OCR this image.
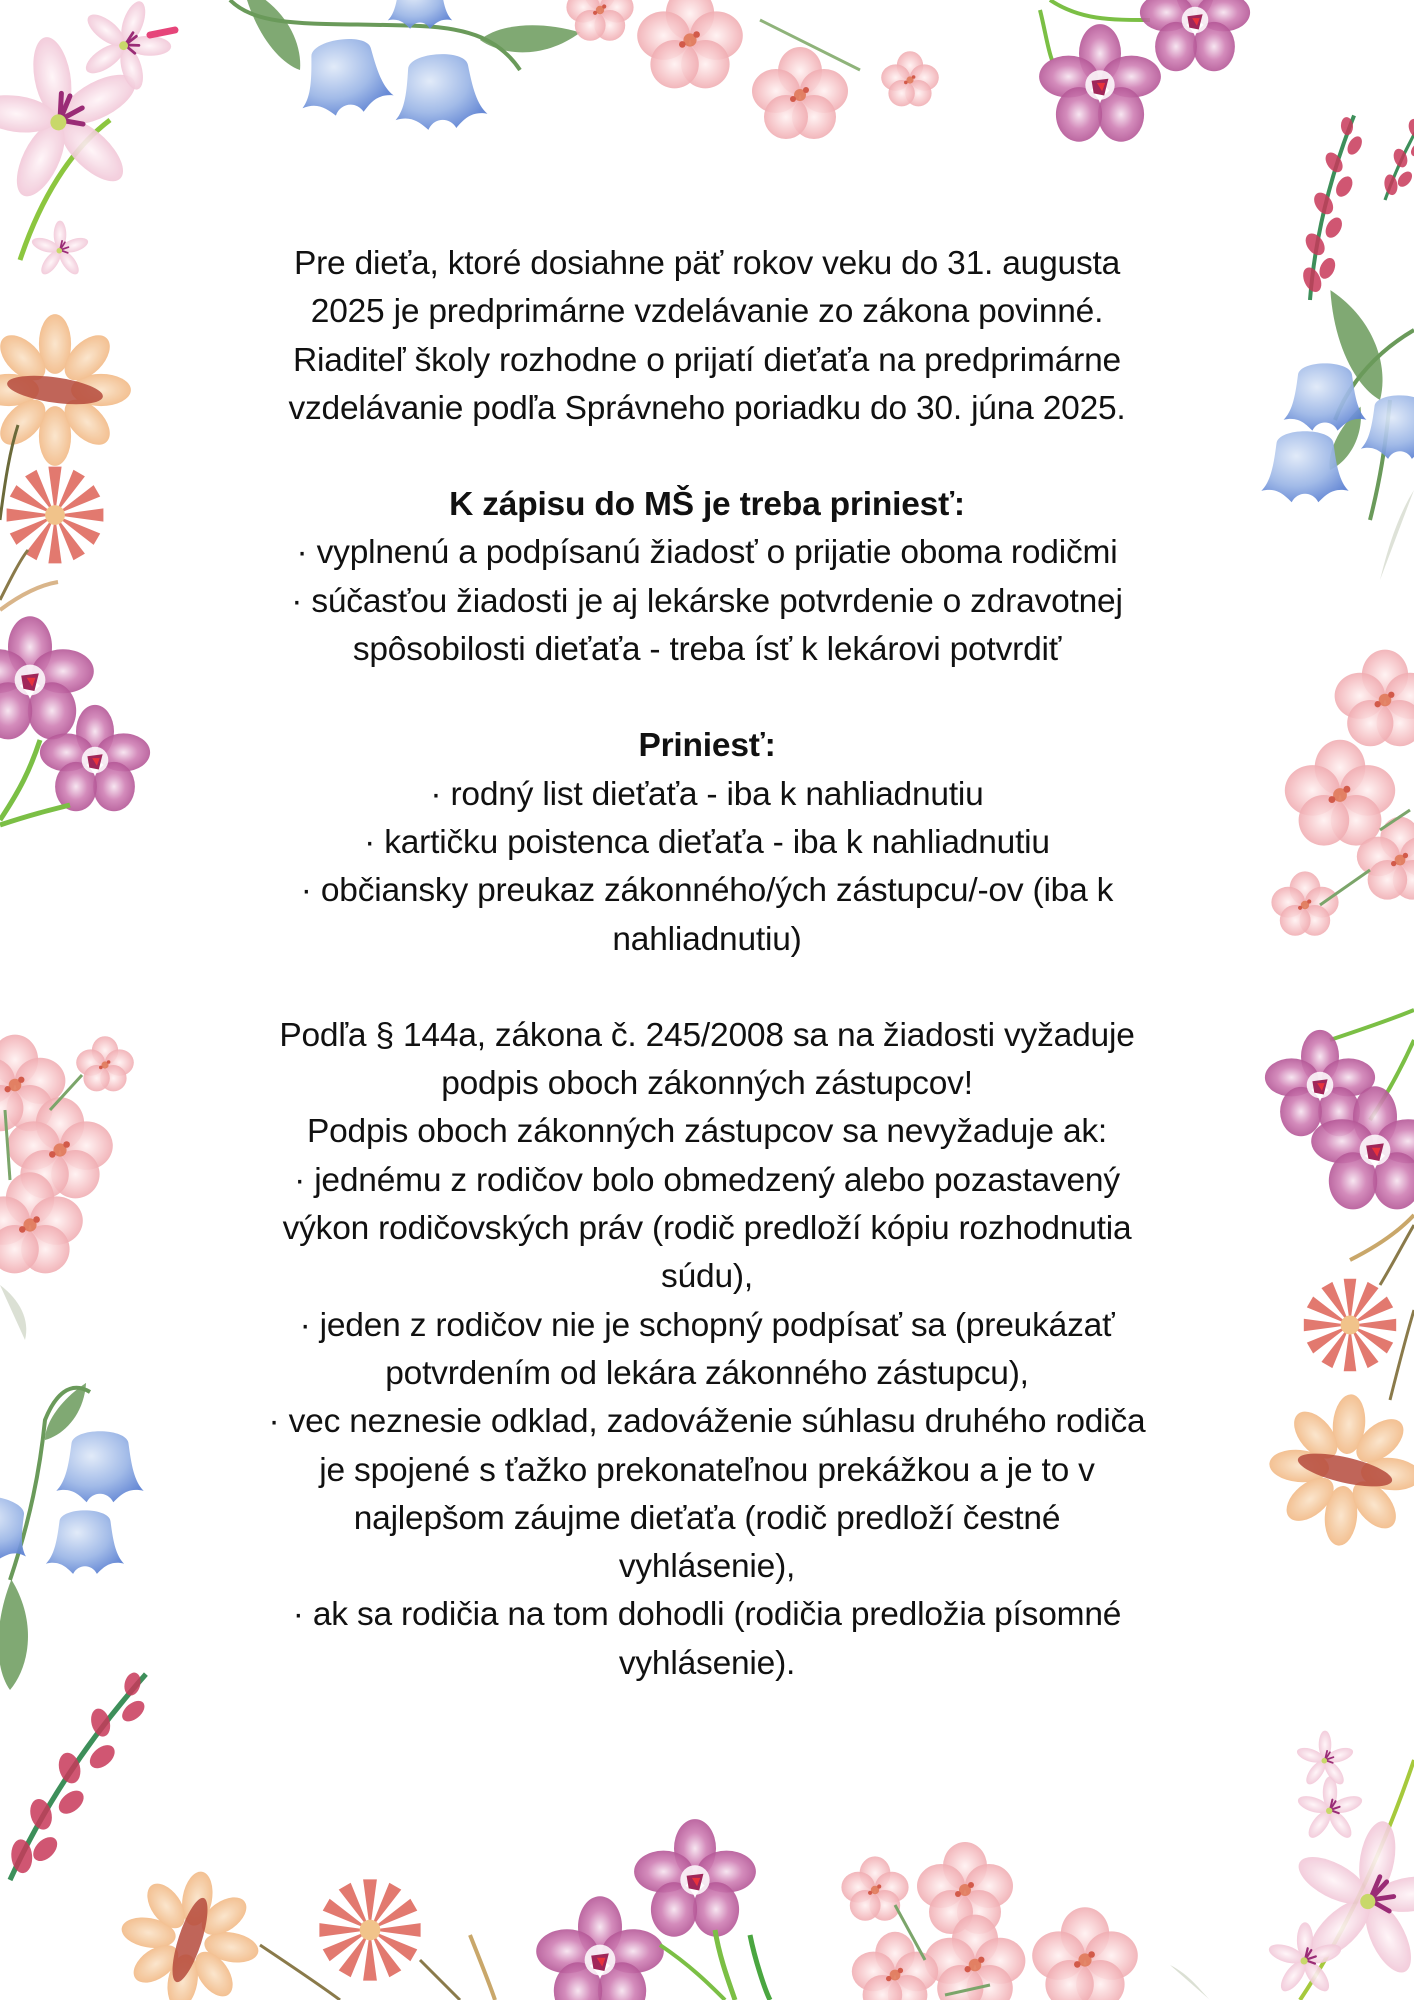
Pre dieťa, ktoré dosiahne päť rokov veku do 31. augusta
2025 je predprimárne vzdelávanie zo zákona povinné.
Riaditeľ školy rozhodne o prijatí dieťaťa na predprimárne
vzdelávanie podľa Správneho poriadku do 30. júna 2025.

K zápisu do MŠ je treba priniesť:
· vyplnenú a podpísanú žiadosť o prijatie oboma rodičmi
· súčasťou žiadosti je aj lekárske potvrdenie o zdravotnej
spôsobilosti dieťaťa - treba ísť k lekárovi potvrdiť

Priniesť:
· rodný list dieťaťa - iba k nahliadnutiu
· kartičku poistenca dieťaťa - iba k nahliadnutiu
· občiansky preukaz zákonného/ých zástupcu/-ov (iba k
nahliadnutiu)

Podľa § 144a, zákona č. 245/2008 sa na žiadosti vyžaduje
podpis oboch zákonných zástupcov!
Podpis oboch zákonných zástupcov sa nevyžaduje ak:
· jednému z rodičov bolo obmedzený alebo pozastavený
výkon rodičovských práv (rodič predloží kópiu rozhodnutia
súdu),
· jeden z rodičov nie je schopný podpísať sa (preukázať
potvrdením od lekára zákonného zástupcu),
· vec neznesie odklad, zadováženie súhlasu druhého rodiča
je spojené s ťažko prekonateľnou prekážkou a je to v
najlepšom záujme dieťaťa (rodič predloží čestné
vyhlásenie),
· ak sa rodičia na tom dohodli (rodičia predložia písomné
vyhlásenie).
